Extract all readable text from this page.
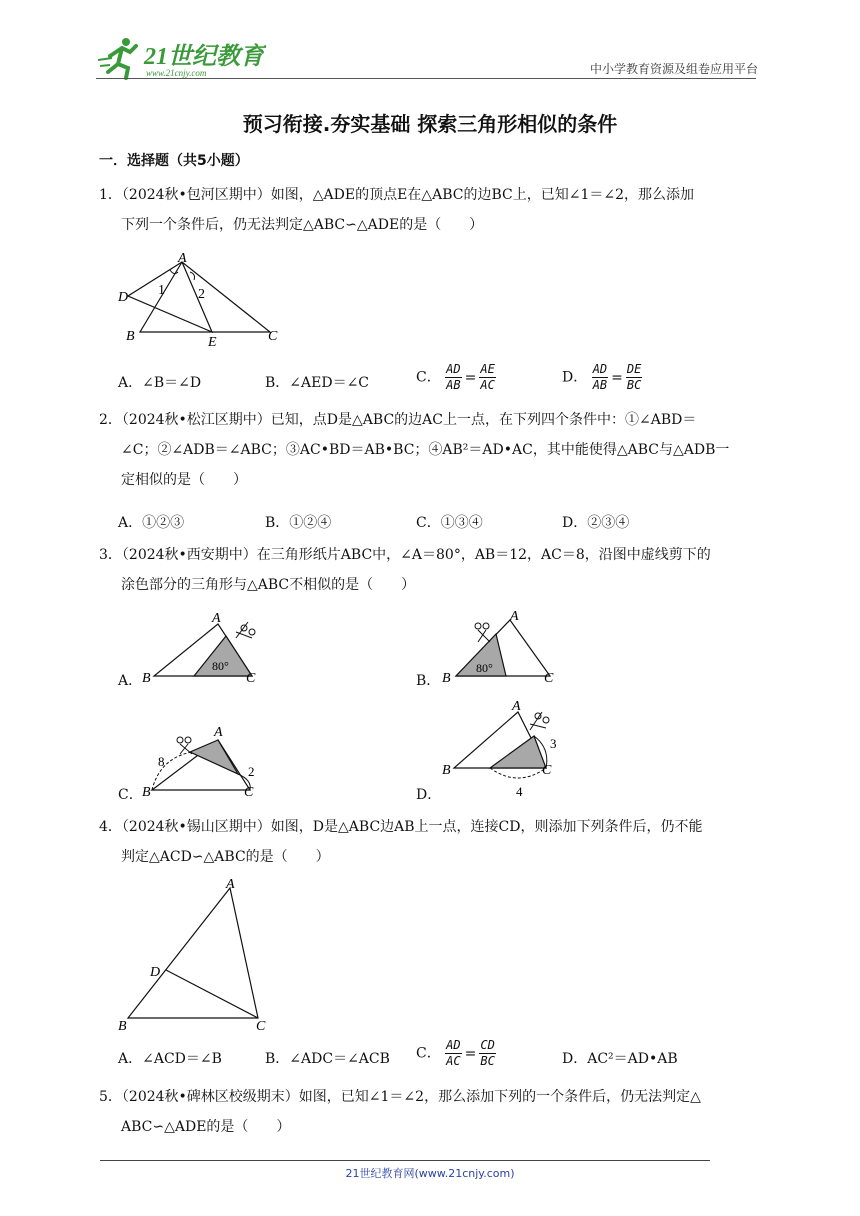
21世纪教育
www.21cnjy.com	中小学教育资源及组卷应用平台
预习衔接.夯实基础 探索三角形相似的条件
一．选择题（共5小题）
1．（2024秋•包河区期中）如图，△ADE的顶点E在△ABC的边BC上，已知∠1＝∠2，那么添加
下列一个条件后，仍无法判定△ABC∽△ADE的是（　　）
A
D
B	E	C
1 2
A．∠B＝∠D	B．∠AED＝∠C	C． $\frac{AD}{AB} = \frac{AE}{AC}$	D． $\frac{AD}{AB} = \frac{DE}{BC}$
2．（2024秋•松江区期中）已知，点D是△ABC的边AC上一点，在下列四个条件中：①∠ABD＝
∠C；②∠ADB＝∠ABC；③AC•BD＝AB•BC；④AB²＝AD•AC，其中能使得△ABC与△ADB一
定相似的是（　　）
A．①②③	B．①②④	C．①③④	D．②③④
3．（2024秋•西安期中）在三角形纸片ABC中，∠A＝80°，AB＝12，AC＝8，沿图中虚线剪下的
涂色部分的三角形与△ABC不相似的是（　　）
A．
A
B	C
80°
B．
A
B	C
80°
C．
A
B	C
8
2
D．
A
B	C
3
4
4．（2024秋•锡山区期中）如图，D是△ABC边AB上一点，连接CD，则添加下列条件后，仍不能
判定△ACD∽△ABC的是（　　）
A
D
B	C
A．∠ACD＝∠B	B．∠ADC＝∠ACB C． $\frac{AD}{AC} = \frac{CD}{BC}$	D．AC²＝AD•AB
5．（2024秋•碑林区校级期末）如图，已知∠1＝∠2，那么添加下列的一个条件后，仍无法判定△
ABC∽△ADE的是（　　）
21世纪教育网(www.21cnjy.com)
